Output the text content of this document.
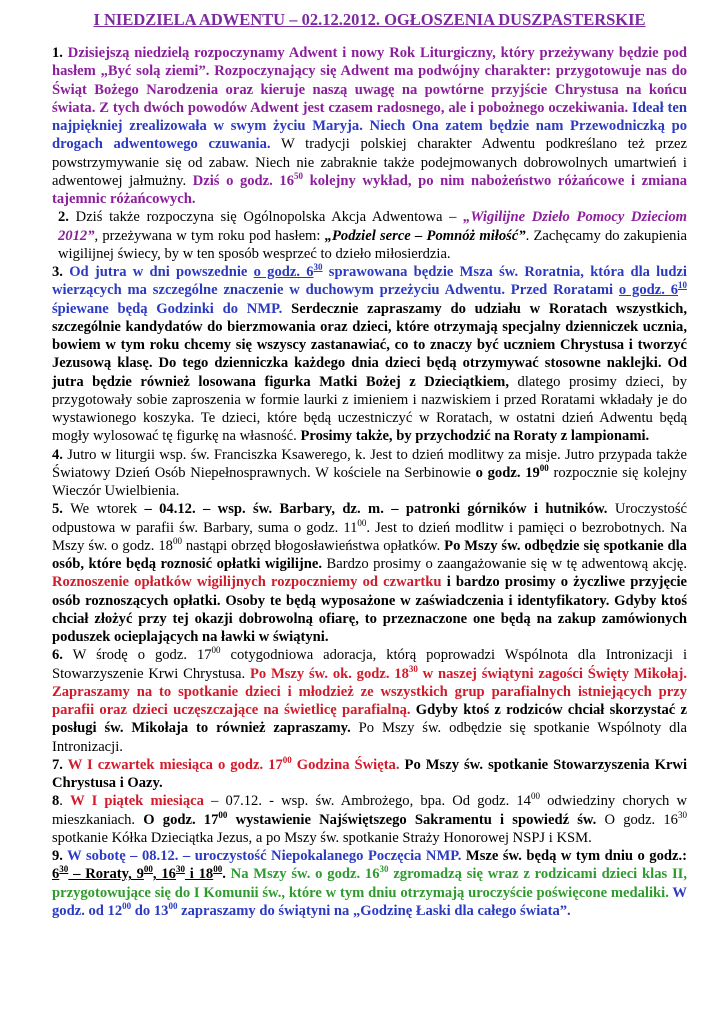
I NIEDZIELA ADWENTU – 02.12.2012. OGŁOSZENIA DUSZPASTERSKIE

1. Dzisiejszą niedzielą rozpoczynamy Adwent i nowy Rok Liturgiczny, który przeżywany będzie pod hasłem „Być solą ziemi”. Rozpoczynający się Adwent ma podwójny charakter: przygotowuje nas do Świąt Bożego Narodzenia oraz kieruje naszą uwagę na powtórne przyjście Chrystusa na końcu świata. Z tych dwóch powodów Adwent jest czasem radosnego, ale i pobożnego oczekiwania. Ideał ten najpiękniej zrealizowała w swym życiu Maryja. Niech Ona zatem będzie nam Przewodniczką po drogach adwentowego czuwania. W tradycji polskiej charakter Adwentu podkreślano też przez powstrzymywanie się od zabaw. Niech nie zabraknie także podejmowanych dobrowolnych umartwień i adwentowej jałmużny. Dziś o godz. $16^{50}$ kolejny wykład, po nim nabożeństwo różańcowe i zmiana tajemnic różańcowych.

2. Dziś także rozpoczyna się Ogólnopolska Akcja Adwentowa – „Wigilijne Dzieło Pomocy Dzieciom 2012”, przeżywana w tym roku pod hasłem: „Podziel serce – Pomnóż miłość”. Zachęcamy do zakupienia wigilijnej świecy, by w ten sposób wesprzeć to dzieło miłosierdzia.

3. Od jutra w dni powszednie o godz. $6^{30}$ sprawowana będzie Msza św. Roratnia, która dla ludzi wierzących ma szczególne znaczenie w duchowym przeżyciu Adwentu. Przed Roratami o godz. $6^{10}$ śpiewane będą Godzinki do NMP. Serdecznie zapraszamy do udziału w Roratach wszystkich, szczególnie kandydatów do bierzmowania oraz dzieci, które otrzymają specjalny dzienniczek ucznia, bowiem w tym roku chcemy się wszyscy zastanawiać, co to znaczy być uczniem Chrystusa i tworzyć Jezusową klasę. Do tego dzienniczka każdego dnia dzieci będą otrzymywać stosowne naklejki. Od jutra będzie również losowana figurka Matki Bożej z Dzieciątkiem, dlatego prosimy dzieci, by przygotowały sobie zaproszenia w formie laurki z imieniem i nazwiskiem i przed Roratami wkładały je do wystawionego koszyka. Te dzieci, które będą uczestniczyć w Roratach, w ostatni dzień Adwentu będą mogły wylosować tę figurkę na własność. Prosimy także, by przychodzić na Roraty z lampionami.

4. Jutro w liturgii wsp. św. Franciszka Ksawerego, k. Jest to dzień modlitwy za misje. Jutro przypada także Światowy Dzień Osób Niepełnosprawnych. W kościele na Serbinowie o godz. $19^{00}$ rozpocznie się kolejny Wieczór Uwielbienia.

5. We wtorek – 04.12. – wsp. św. Barbary, dz. m. – patronki górników i hutników. Uroczystość odpustowa w parafii św. Barbary, suma o godz. $11^{00}$. Jest to dzień modlitw i pamięci o bezrobotnych. Na Mszy św. o godz. $18^{00}$ nastąpi obrzęd błogosławieństwa opłatków. Po Mszy św. odbędzie się spotkanie dla osób, które będą roznosić opłatki wigilijne. Bardzo prosimy o zaangażowanie się w tę adwentową akcję. Roznoszenie opłatków wigilijnych rozpoczniemy od czwartku i bardzo prosimy o życzliwe przyjęcie osób roznoszących opłatki. Osoby te będą wyposażone w zaświadczenia i identyfikatory. Gdyby ktoś chciał złożyć przy tej okazji dobrowolną ofiarę, to przeznaczone one będą na zakup zamówionych poduszek ocieplających na ławki w świątyni.

6. W środę o godz. $17^{00}$ cotygodniowa adoracja, którą poprowadzi Wspólnota dla Intronizacji i Stowarzyszenie Krwi Chrystusa. Po Mszy św. ok. godz. $18^{30}$ w naszej świątyni zagości Święty Mikołaj. Zapraszamy na to spotkanie dzieci i młodzież ze wszystkich grup parafialnych istniejących przy parafii oraz dzieci uczęszczające na świetlicę parafialną. Gdyby ktoś z rodziców chciał skorzystać z posługi św. Mikołaja to również zapraszamy. Po Mszy św. odbędzie się spotkanie Wspólnoty dla Intronizacji.

7. W I czwartek miesiąca o godz. $17^{00}$ Godzina Święta. Po Mszy św. spotkanie Stowarzyszenia Krwi Chrystusa i Oazy.

8. W I piątek miesiąca – 07.12. - wsp. św. Ambrożego, bpa. Od godz. $14^{00}$ odwiedziny chorych w mieszkaniach. O godz. $17^{00}$ wystawienie Najświętszego Sakramentu i spowiedź św. O godz. $16^{30}$ spotkanie Kółka Dzieciątka Jezus, a po Mszy św. spotkanie Straży Honorowej NSPJ i KSM.

9. W sobotę – 08.12. – uroczystość Niepokalanego Poczęcia NMP. Msze św. będą w tym dniu o godz.: $6^{30}$ – Roraty, $9^{00}$, $16^{30}$ i $18^{00}$. Na Mszy św. o godz. $16^{30}$ zgromadzą się wraz z rodzicami dzieci klas II, przygotowujące się do I Komunii św., które w tym dniu otrzymają uroczyście poświęcone medaliki. W godz. od $12^{00}$ do $13^{00}$ zapraszamy do świątyni na „Godzinę Łaski dla całego świata”.
